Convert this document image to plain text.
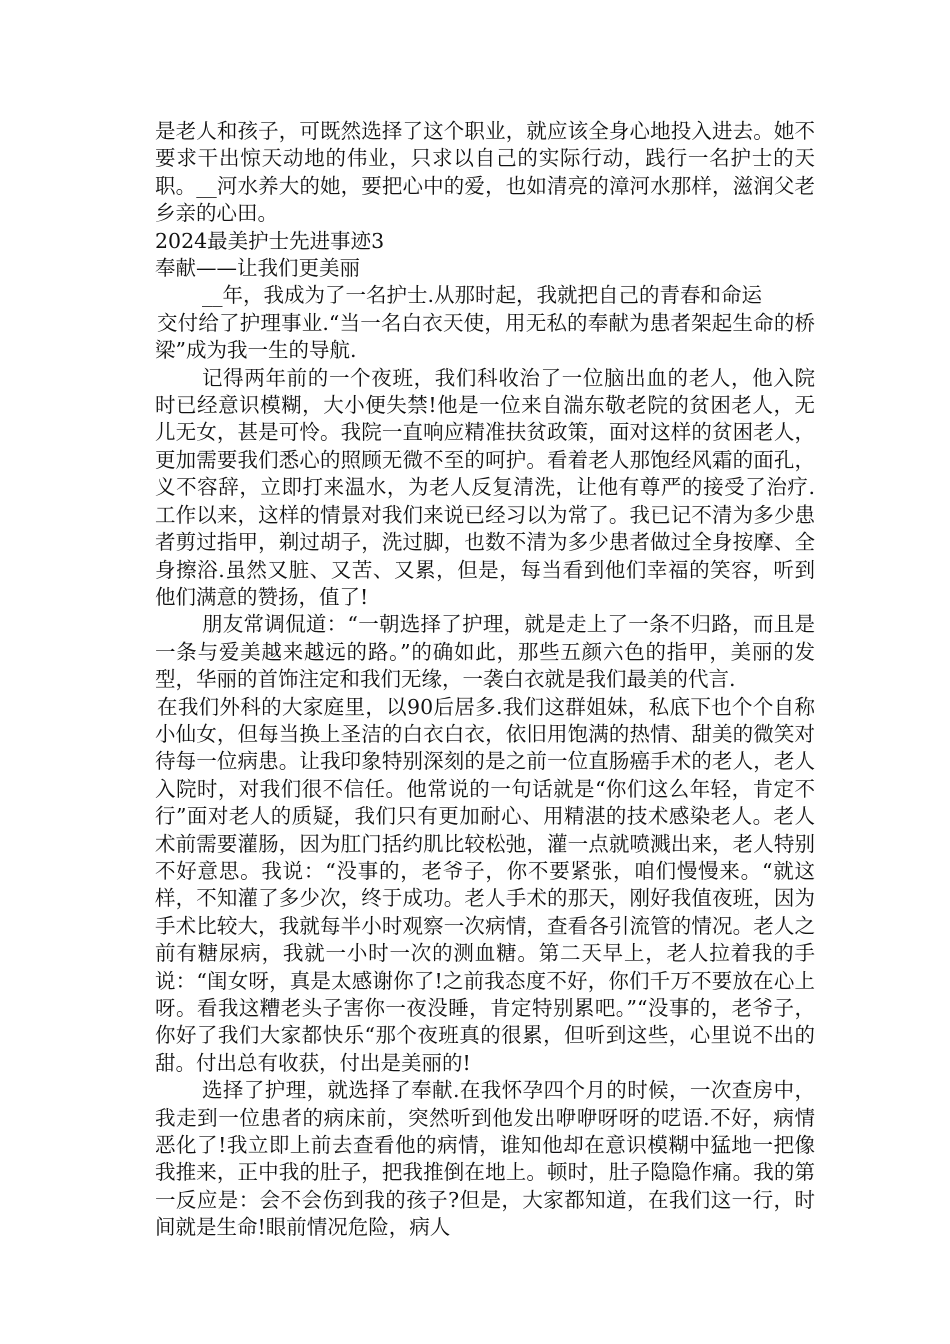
是老人和孩子，可既然选择了这个职业，就应该全身心地投入进去。她不要求干出惊天动地的伟业，只求以自己的实际行动，践行一名护士的天职。__河水养大的她，要把心中的爱，也如清亮的漳河水那样，滋润父老乡亲的心田。

2024最美护士先进事迹3

奉献——让我们更美丽

__年，我成为了一名护士.从那时起，我就把自己的青春和命运

交付给了护理事业.“当一名白衣天使，用无私的奉献为患者架起生命的桥梁”成为我一生的导航.

记得两年前的一个夜班，我们科收治了一位脑出血的老人，他入院时已经意识模糊，大小便失禁!他是一位来自湍东敬老院的贫困老人，无儿无女，甚是可怜。我院一直响应精准扶贫政策，面对这样的贫困老人，更加需要我们悉心的照顾无微不至的呵护。看着老人那饱经风霜的面孔，义不容辞，立即打来温水，为老人反复清洗，让他有尊严的接受了治疗.工作以来，这样的情景对我们来说已经习以为常了。我已记不清为多少患者剪过指甲，剃过胡子，洗过脚，也数不清为多少患者做过全身按摩、全身擦浴.虽然又脏、又苦、又累，但是，每当看到他们幸福的笑容，听到他们满意的赞扬，值了!

朋友常调侃道：“一朝选择了护理，就是走上了一条不归路，而且是一条与爱美越来越远的路。”的确如此，那些五颜六色的指甲，美丽的发型，华丽的首饰注定和我们无缘，一袭白衣就是我们最美的代言.

在我们外科的大家庭里，以90后居多.我们这群姐妹，私底下也个个自称小仙女，但每当换上圣洁的白衣白衣，依旧用饱满的热情、甜美的微笑对待每一位病患。让我印象特别深刻的是之前一位直肠癌手术的老人，老人入院时，对我们很不信任。他常说的一句话就是“你们这么年轻，肯定不行”面对老人的质疑，我们只有更加耐心、用精湛的技术感染老人。老人术前需要灌肠，因为肛门括约肌比较松弛，灌一点就喷溅出来，老人特别不好意思。我说：“没事的，老爷子，你不要紧张，咱们慢慢来。“就这样，不知灌了多少次，终于成功。老人手术的那天，刚好我值夜班，因为手术比较大，我就每半小时观察一次病情，查看各引流管的情况。老人之前有糖尿病，我就一小时一次的测血糖。第二天早上，老人拉着我的手说：“闺女呀，真是太感谢你了!之前我态度不好，你们千万不要放在心上呀。看我这糟老头子害你一夜没睡，肯定特别累吧。”“没事的，老爷子，你好了我们大家都快乐“那个夜班真的很累，但听到这些，心里说不出的甜。付出总有收获，付出是美丽的!

选择了护理，就选择了奉献.在我怀孕四个月的时候，一次查房中，我走到一位患者的病床前，突然听到他发出咿咿呀呀的呓语.不好，病情恶化了!我立即上前去查看他的病情，谁知他却在意识模糊中猛地一把像我推来，正中我的肚子，把我推倒在地上。顿时，肚子隐隐作痛。我的第一反应是：会不会伤到我的孩子?但是，大家都知道，在我们这一行，时间就是生命!眼前情况危险，病人
